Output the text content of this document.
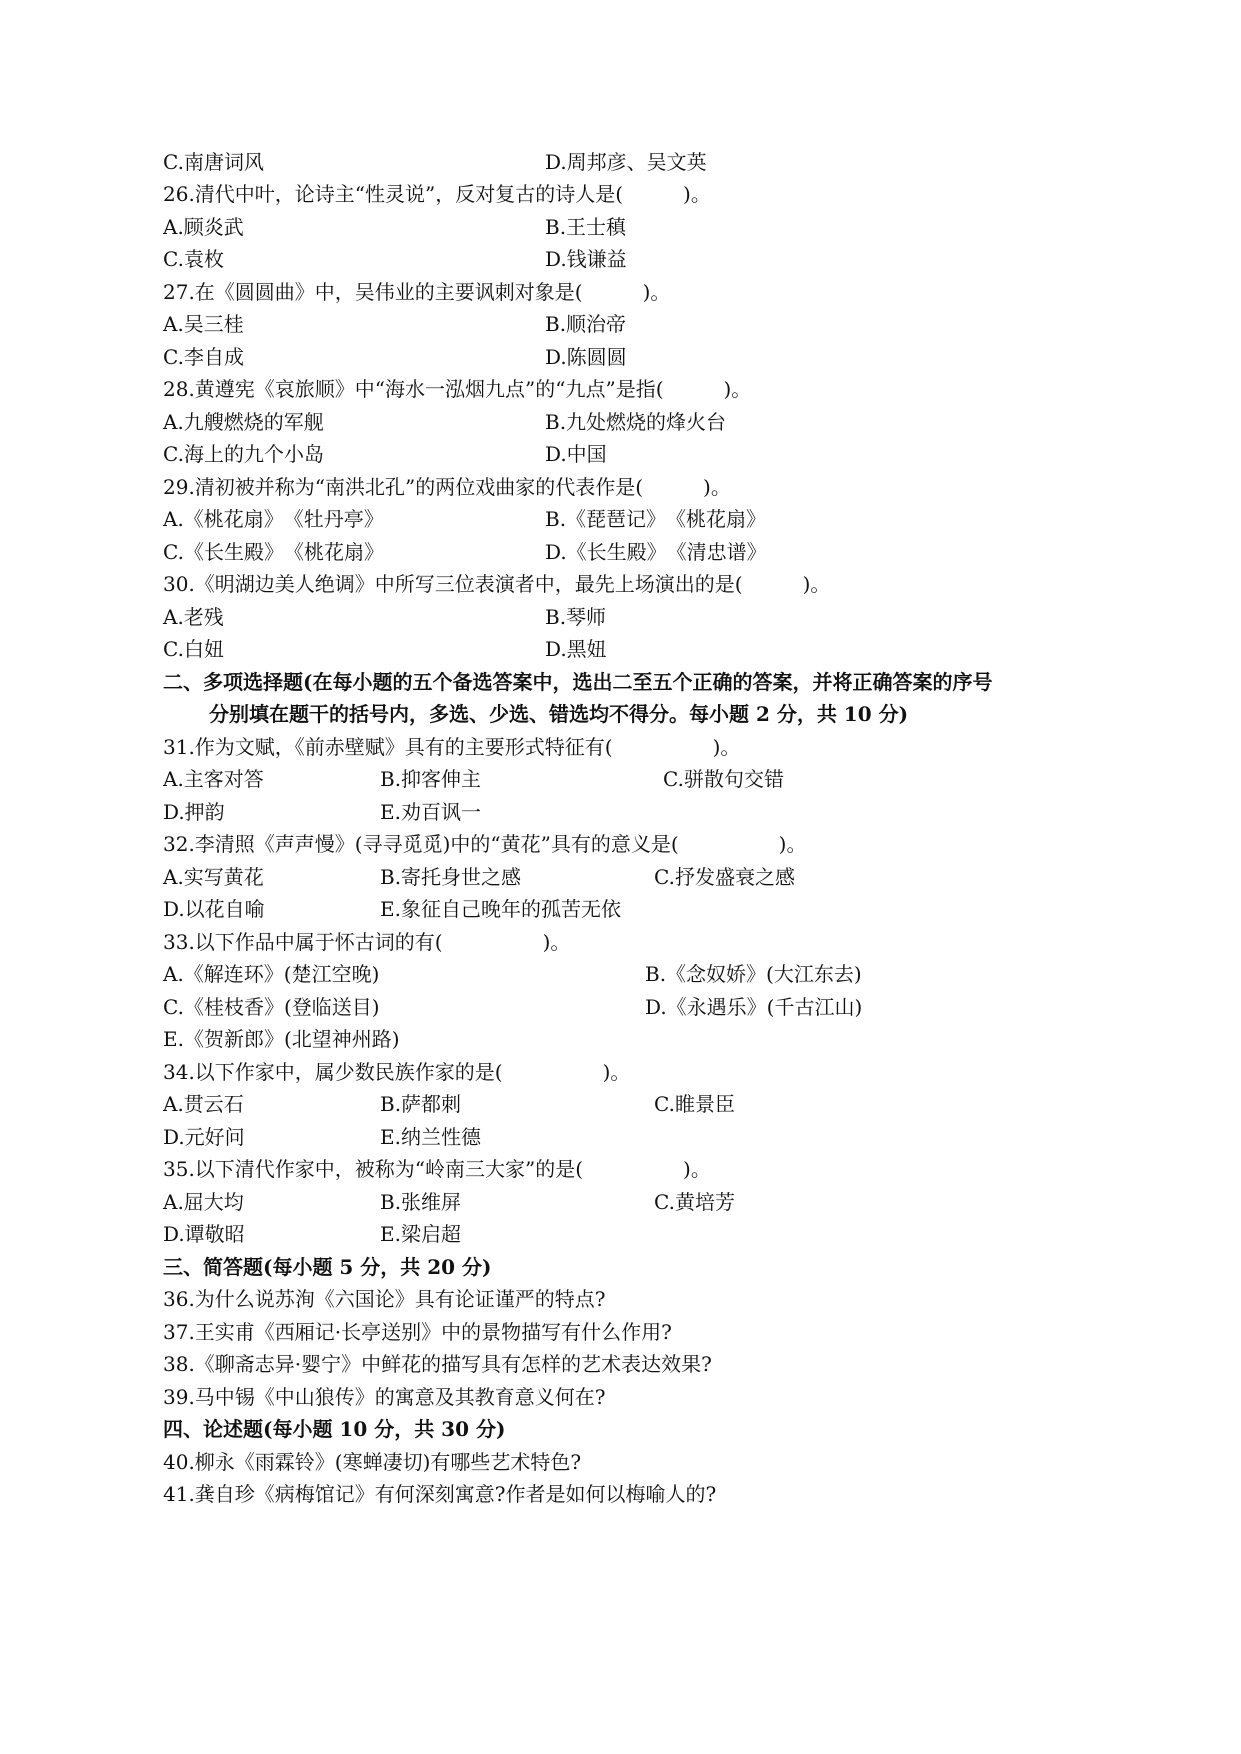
C.南唐词风	D.周邦彦、吴文英
26.清代中叶，论诗主“性灵说”，反对复古的诗人是(　　　)。
A.顾炎武	B.王士稹
C.袁枚	D.钱谦益
27.在《圆圆曲》中，吴伟业的主要讽刺对象是(　　　)。
A.吴三桂	B.顺治帝
C.李自成	D.陈圆圆
28.黄遵宪《哀旅顺》中“海水一泓烟九点”的“九点”是指(　　　)。
A.九艘燃烧的军舰	B.九处燃烧的烽火台
C.海上的九个小岛	D.中国
29.清初被并称为“南洪北孔”的两位戏曲家的代表作是(　　　)。
A.《桃花扇》　《牡丹亭》	B.《琵琶记》　《桃花扇》
C.《长生殿》　《桃花扇》	D.《长生殿》　《清忠谱》
30.《明湖边美人绝调》中所写三位表演者中，最先上场演出的是(　　　)。
A.老残	B.琴师
C.白妞	D.黑妞
二、多项选择题(在每小题的五个备选答案中，选出二至五个正确的答案，并将正确答案的序号
分别填在题干的括号内，多选、少选、错选均不得分。每小题 2 分，共 10 分)
31.作为文赋，《前赤壁赋》具有的主要形式特征有(　　　　　)。
A.主客对答	B.抑客伸主	C.骈散句交错
D.押韵	E.劝百讽一
32.李清照《声声慢》(寻寻觅觅)中的“黄花”具有的意义是(　　　　　)。
A.实写黄花	B.寄托身世之感	C.抒发盛衰之感
D.以花自喻	E.象征自己晚年的孤苦无依
33.以下作品中属于怀古词的有(　　　　　)。
A.《解连环》(楚江空晚)	B.《念奴娇》(大江东去)
C.《桂枝香》(登临送目)	D.《永遇乐》(千古江山)
E.《贺新郎》(北望神州路)
34.以下作家中，属少数民族作家的是(　　　　　)。
A.贯云石	B.萨都刺	C.睢景臣
D.元好问	E.纳兰性德
35.以下清代作家中，被称为“岭南三大家”的是(　　　　　)。
A.屈大均	B.张维屏	C.黄培芳
D.谭敬昭	E.梁启超
三、简答题(每小题 5 分，共 20 分)
36.为什么说苏洵《六国论》具有论证谨严的特点?
37.王实甫《西厢记·长亭送别》中的景物描写有什么作用?
38.《聊斋志异·婴宁》中鲜花的描写具有怎样的艺术表达效果?
39.马中锡《中山狼传》的寓意及其教育意义何在?
四、论述题(每小题 10 分，共 30 分)
40.柳永《雨霖铃》(寒蝉凄切)有哪些艺术特色?
41.龚自珍《病梅馆记》有何深刻寓意?作者是如何以梅喻人的?
